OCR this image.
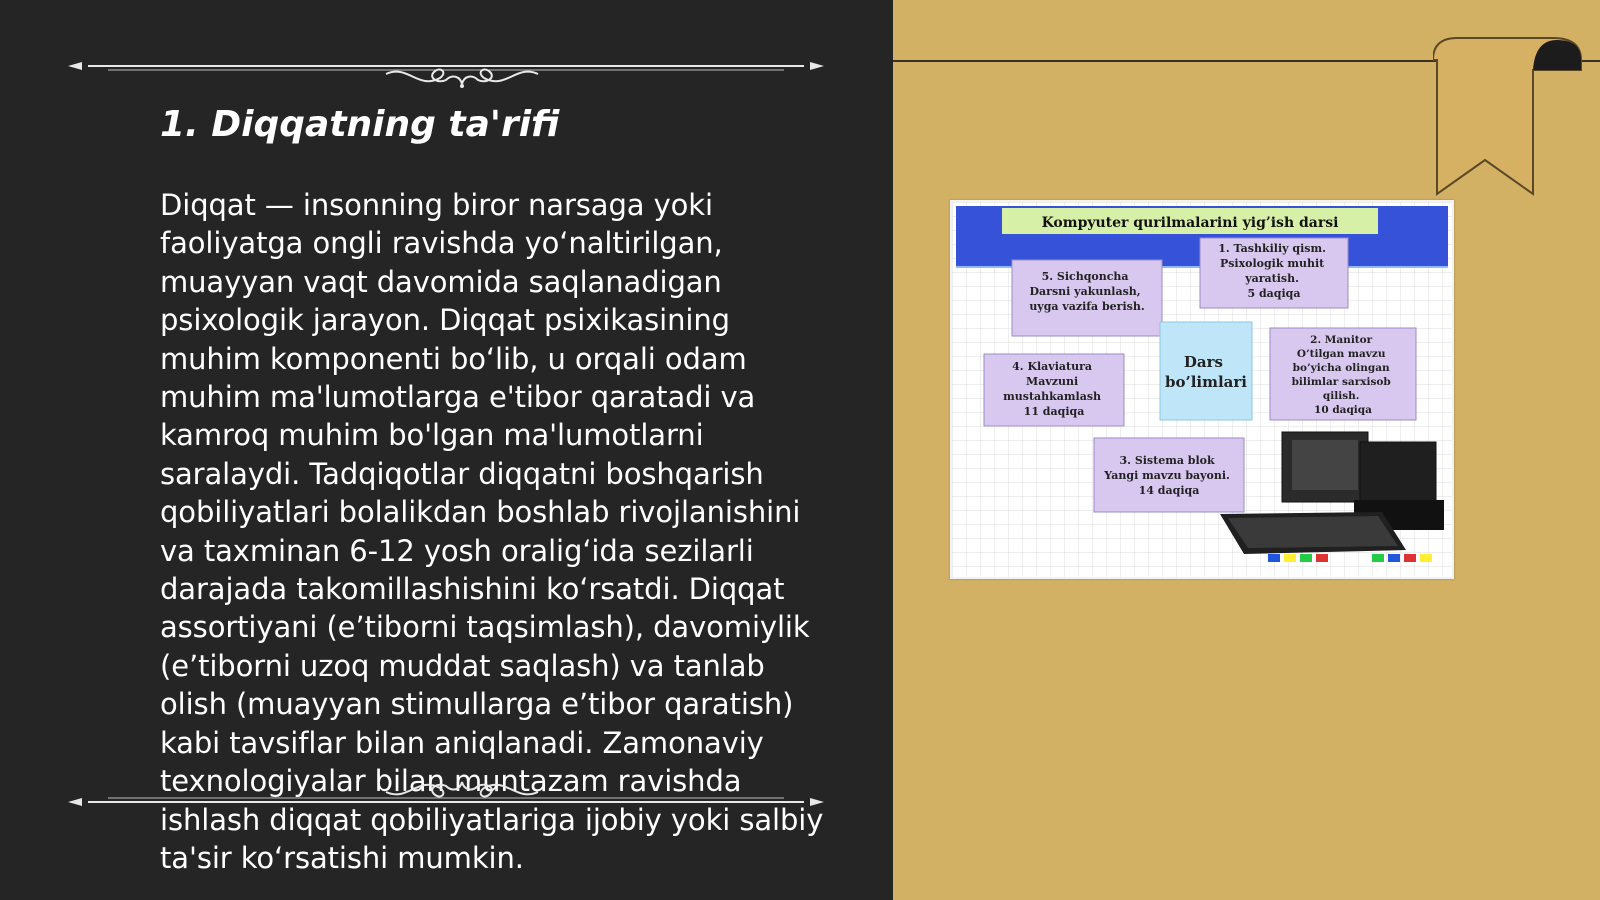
1. Diqqatning ta'rifi

Diqqat — insonning biror narsaga yoki faoliyatga ongli ravishda yo‘naltirilgan, muayyan vaqt davomida saqlanadigan psixologik jarayon. Diqqat psixikasining muhim komponenti bo‘lib, u orqali odam muhim ma'lumotlarga e'tibor qaratadi va kamroq muhim bo'lgan ma'lumotlarni saralaydi. Tadqiqotlar diqqatni boshqarish qobiliyatlari bolalikdan boshlab rivojlanishini va taxminan 6-12 yosh oralig‘ida sezilarli darajada takomillashishini ko‘rsatdi. Diqqat assortiyani (e’tiborni taqsimlash), davomiylik (e’tiborni uzoq muddat saqlash) va tanlab olish (muayyan stimullarga e’tibor qaratish) kabi tavsiflar bilan aniqlanadi. Zamonaviy texnologiyalar bilan muntazam ravishda ishlash diqqat qobiliyatlariga ijobiy yoki salbiy ta'sir ko‘rsatishi mumkin.

Kompyuter qurilmalarini yig’ish darsi
1. Tashkiliy qism. Psixologik muhit yaratish. 5 daqiqa
5. Sichqoncha Darsni yakunlash, uyga vazifa berish.
Dars bo’limlari
2. Manitor O’tilgan mavzu bo’yicha olingan bilimlar sarxisob qilish. 10 daqiqa
4. Klaviatura Mavzuni mustahkamlash 11 daqiqa
3. Sistema blok Yangi mavzu bayoni. 14 daqiqa
